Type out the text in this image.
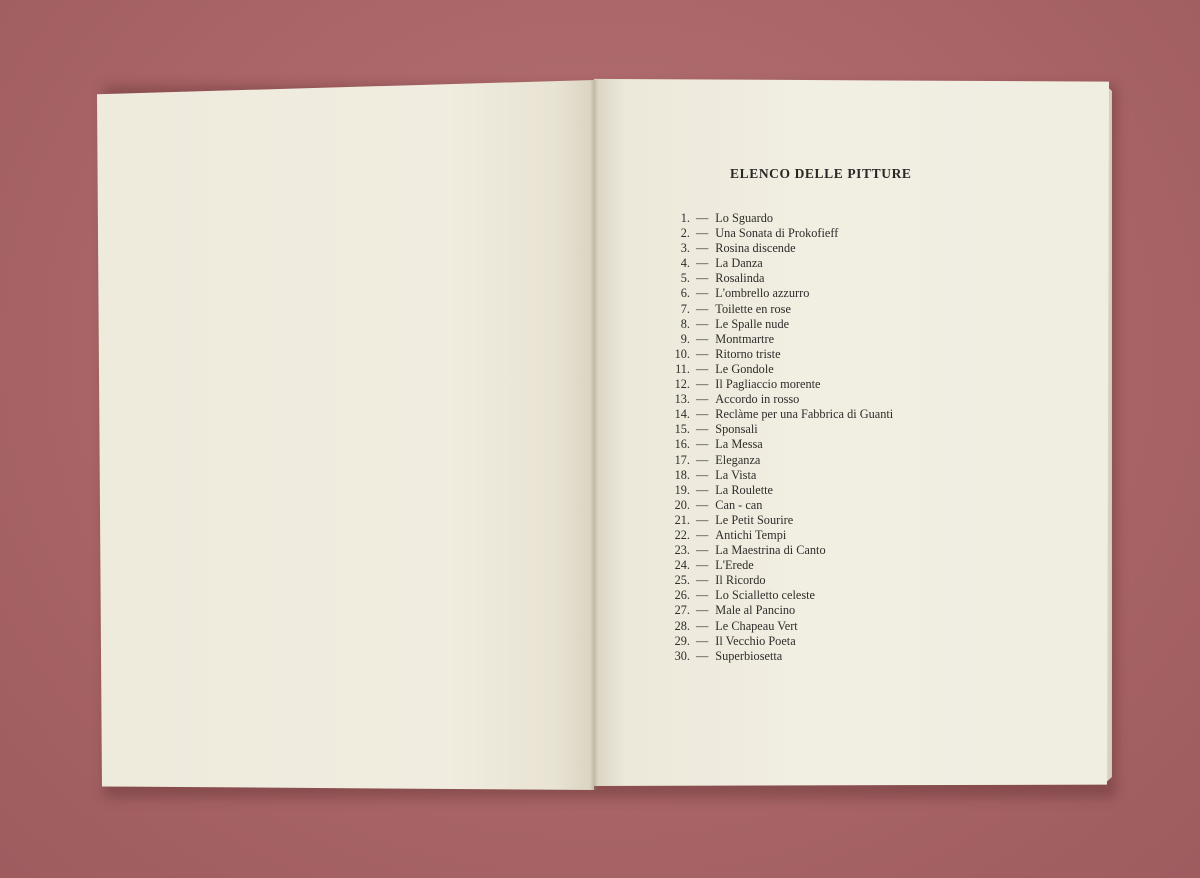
ELENCO DELLE PITTURE
1. — Lo Sguardo
2. — Una Sonata di Prokofieff
3. — Rosina discende
4. — La Danza
5. — Rosalinda
6. — L'ombrello azzurro
7. — Toilette en rose
8. — Le Spalle nude
9. — Montmartre
10. — Ritorno triste
11. — Le Gondole
12. — Il Pagliaccio morente
13. — Accordo in rosso
14. — Reclàme per una Fabbrica di Guanti
15. — Sponsali
16. — La Messa
17. — Eleganza
18. — La Vista
19. — La Roulette
20. — Can - can
21. — Le Petit Sourire
22. — Antichi Tempi
23. — La Maestrina di Canto
24. — L'Erede
25. — Il Ricordo
26. — Lo Scialletto celeste
27. — Male al Pancino
28. — Le Chapeau Vert
29. — Il Vecchio Poeta
30. — Superbiosetta
